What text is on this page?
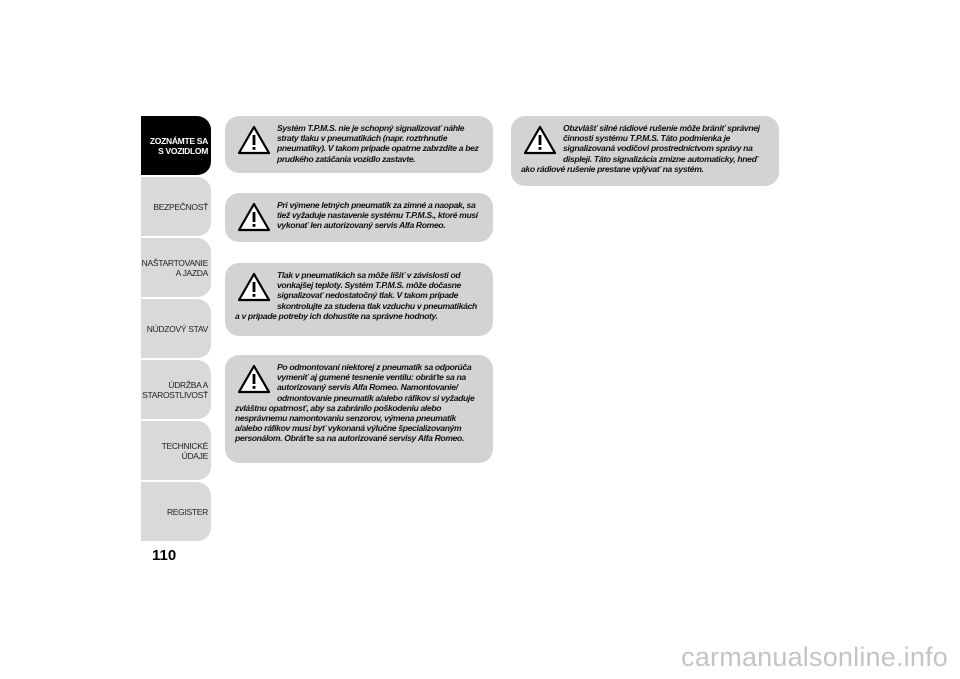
ZOZNÁMTE SA S VOZIDLOM
BEZPEČNOSŤ
NAŠTARTOVANIE A JAZDA
NÚDZOVÝ STAV
ÚDRŽBA A STAROSTLIVOSŤ
TECHNICKÉ ÚDAJE
REGISTER
110
Systém T.P.M.S. nie je schopný signalizovať náhle straty tlaku v pneumatikách (napr. roztrhnutie pneumatiky). V takom prípade opatrne zabrzdite a bez prudkého zatáčania vozidlo zastavte.
Pri výmene letných pneumatík za zimné a naopak, sa tiež vyžaduje nastavenie systému T.P.M.S., ktoré musí vykonať len autorizovaný servis Alfa Romeo.
Tlak v pneumatikách sa môže líšiť v závislosti od vonkajšej teploty. Systém T.P.M.S. môže dočasne signalizovať nedostatočný tlak. V takom prípade skontrolujte za studena tlak vzduchu v pneumatikách a v prípade potreby ich dohustite na správne hodnoty.
Po odmontovaní niektorej z pneumatík sa odporúča vymeniť aj gumené tesnenie ventilu: obráťte sa na autorizovaný servis Alfa Romeo. Namontovanie/ odmontovanie pneumatík a/alebo ráfikov si vyžaduje zvláštnu opatrnosť, aby sa zabránilo poškodeniu alebo nesprávnemu namontovaniu senzorov, výmena pneumatík a/alebo ráfikov musí byť vykonaná výlučne špecializovaným personálom. Obráťte sa na autorizované servisy Alfa Romeo.
Obzvlášť silné rádiové rušenie môže brániť správnej činnosti systému T.P.M.S. Táto podmienka je signalizovaná vodičovi prostredníctvom správy na displeji. Táto signalizácia zmizne automaticky, hneď ako rádiové rušenie prestane vplývať na systém.
carmanualsonline.info
